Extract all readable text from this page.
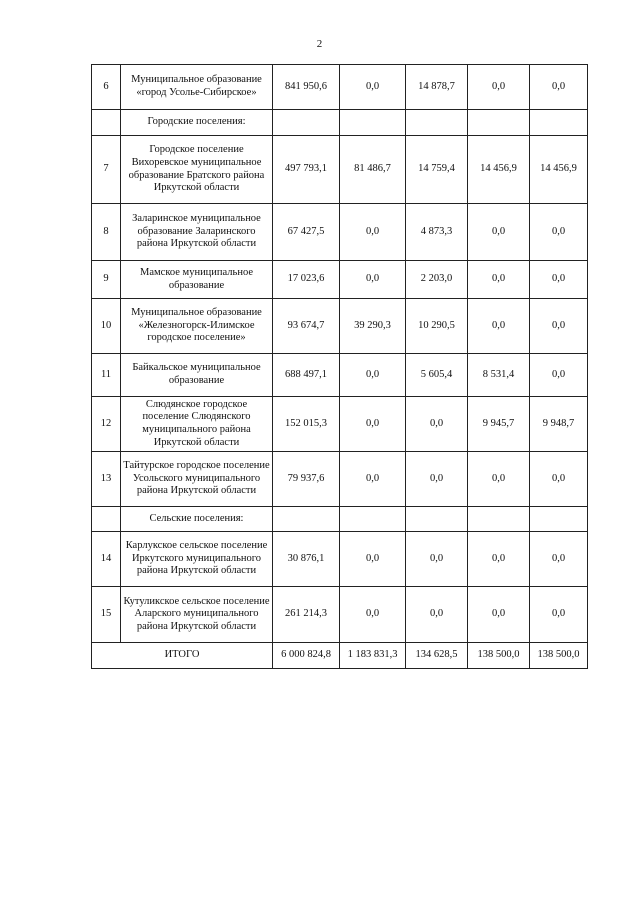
2
6	Муниципальное образование «город Усолье-Сибирское»	841 950,6	0,0	14 878,7	0,0	0,0
	Городские поселения:					
7	Городское поселение Вихоревское муниципальное образование Братского района Иркутской области	497 793,1	81 486,7	14 759,4	14 456,9	14 456,9
8	Заларинское муниципальное образование Заларинского района Иркутской области	67 427,5	0,0	4 873,3	0,0	0,0
9	Мамское муниципальное образование	17 023,6	0,0	2 203,0	0,0	0,0
10	Муниципальное образование «Железногорск-Илимское городское поселение»	93 674,7	39 290,3	10 290,5	0,0	0,0
11	Байкальское муниципальное образование	688 497,1	0,0	5 605,4	8 531,4	0,0
12	Слюдянское городское поселение Слюдянского муниципального района Иркутской области	152 015,3	0,0	0,0	9 945,7	9 948,7
13	Тайтурское городское поселение Усольского муниципального района Иркутской области	79 937,6	0,0	0,0	0,0	0,0
	Сельские поселения:					
14	Карлукское сельское поселение Иркутского муниципального района Иркутской области	30 876,1	0,0	0,0	0,0	0,0
15	Кутуликское сельское поселение Аларского муниципального района Иркутской области	261 214,3	0,0	0,0	0,0	0,0
ИТОГО		6 000 824,8	1 183 831,3	134 628,5	138 500,0	138 500,0
